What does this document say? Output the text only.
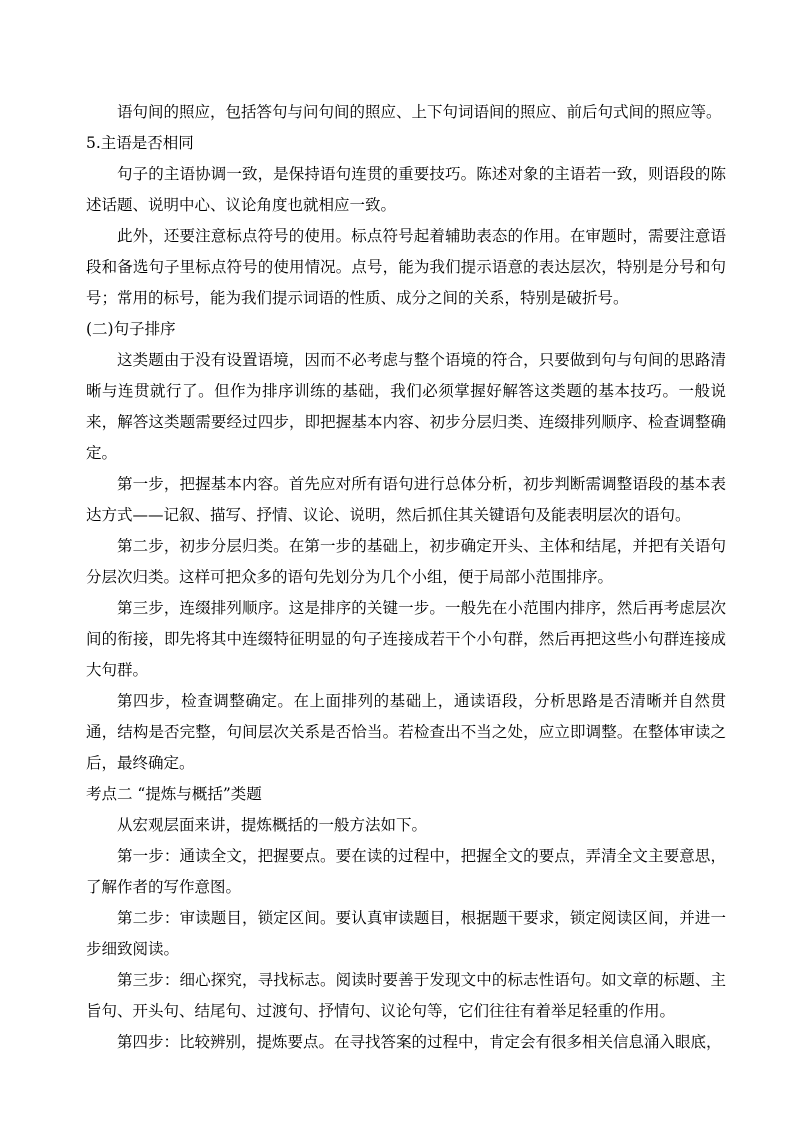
语句间的照应，包括答句与问句间的照应、上下句词语间的照应、前后句式间的照应等。

5.主语是否相同

句子的主语协调一致，是保持语句连贯的重要技巧。陈述对象的主语若一致，则语段的陈述话题、说明中心、议论角度也就相应一致。

此外，还要注意标点符号的使用。标点符号起着辅助表态的作用。在审题时，需要注意语段和备选句子里标点符号的使用情况。点号，能为我们提示语意的表达层次，特别是分号和句号；常用的标号，能为我们提示词语的性质、成分之间的关系，特别是破折号。

(二)句子排序

这类题由于没有设置语境，因而不必考虑与整个语境的符合，只要做到句与句间的思路清晰与连贯就行了。但作为排序训练的基础，我们必须掌握好解答这类题的基本技巧。一般说来，解答这类题需要经过四步，即把握基本内容、初步分层归类、连缀排列顺序、检查调整确定。

第一步，把握基本内容。首先应对所有语句进行总体分析，初步判断需调整语段的基本表达方式——记叙、描写、抒情、议论、说明，然后抓住其关键语句及能表明层次的语句。

第二步，初步分层归类。在第一步的基础上，初步确定开头、主体和结尾，并把有关语句分层次归类。这样可把众多的语句先划分为几个小组，便于局部小范围排序。

第三步，连缀排列顺序。这是排序的关键一步。一般先在小范围内排序，然后再考虑层次间的衔接，即先将其中连缀特征明显的句子连接成若干个小句群，然后再把这些小句群连接成大句群。

第四步，检查调整确定。在上面排列的基础上，通读语段，分析思路是否清晰并自然贯通，结构是否完整，句间层次关系是否恰当。若检查出不当之处，应立即调整。在整体审读之后，最终确定。

考点二 “提炼与概括”类题

从宏观层面来讲，提炼概括的一般方法如下。

第一步：通读全文，把握要点。要在读的过程中，把握全文的要点，弄清全文主要意思，了解作者的写作意图。

第二步：审读题目，锁定区间。要认真审读题目，根据题干要求，锁定阅读区间，并进一步细致阅读。

第三步：细心探究，寻找标志。阅读时要善于发现文中的标志性语句。如文章的标题、主旨句、开头句、结尾句、过渡句、抒情句、议论句等，它们往往有着举足轻重的作用。

第四步：比较辨别，提炼要点。在寻找答案的过程中，肯定会有很多相关信息涌入眼底，
